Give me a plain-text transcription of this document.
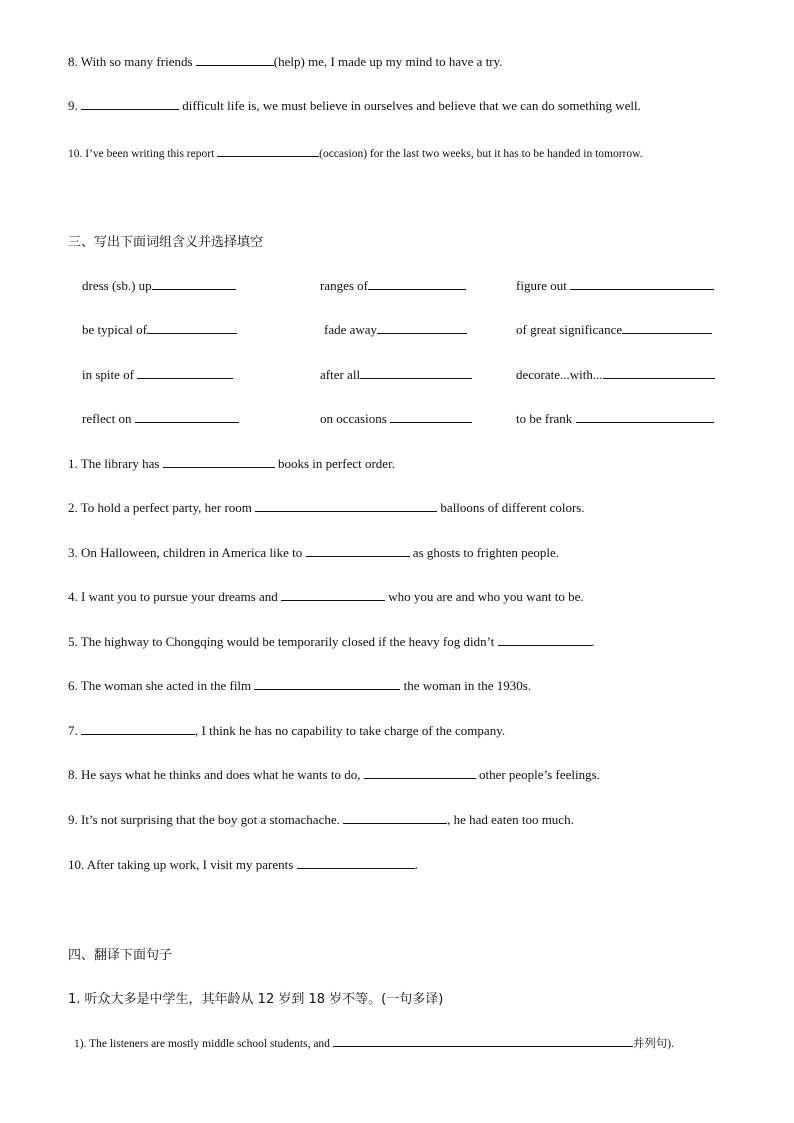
8. With so many friends	(help) me, I made up my mind to have a try.
9.	difficult life is, we must believe in ourselves and believe that we can do something well.
10. I’ve been writing this report	(occasion) for the last two weeks, but it has to be handed in tomorrow.
三、写出下面词组含义并选择填空
dress (sb.) up	ranges of	figure out
be typical of	fade away	of great significance
in spite of	after all	decorate...with...
reflect on	on occasions	to be frank
1. The library has	books in perfect order.
2. To hold a perfect party, her room	balloons of different colors.
3. On Halloween, children in America like to	as ghosts to frighten people.
4. I want you to pursue your dreams and	who you are and who you want to be.
5. The highway to Chongqing would be temporarily closed if the heavy fog didn’t	.
6. The woman she acted in the film	the woman in the 1930s.
7.	, I think he has no capability to take charge of the company.
8. He says what he thinks and does what he wants to do,	other people’s feelings.
9. It’s not surprising that the boy got a stomachache.	, he had eaten too much.
10. After taking up work, I visit my parents	.
四、翻译下面句子
1. 听众大多是中学生，其年龄从 12 岁到 18 岁不等。(一句多译)
1). The listeners are mostly middle school students, and	并列句).
